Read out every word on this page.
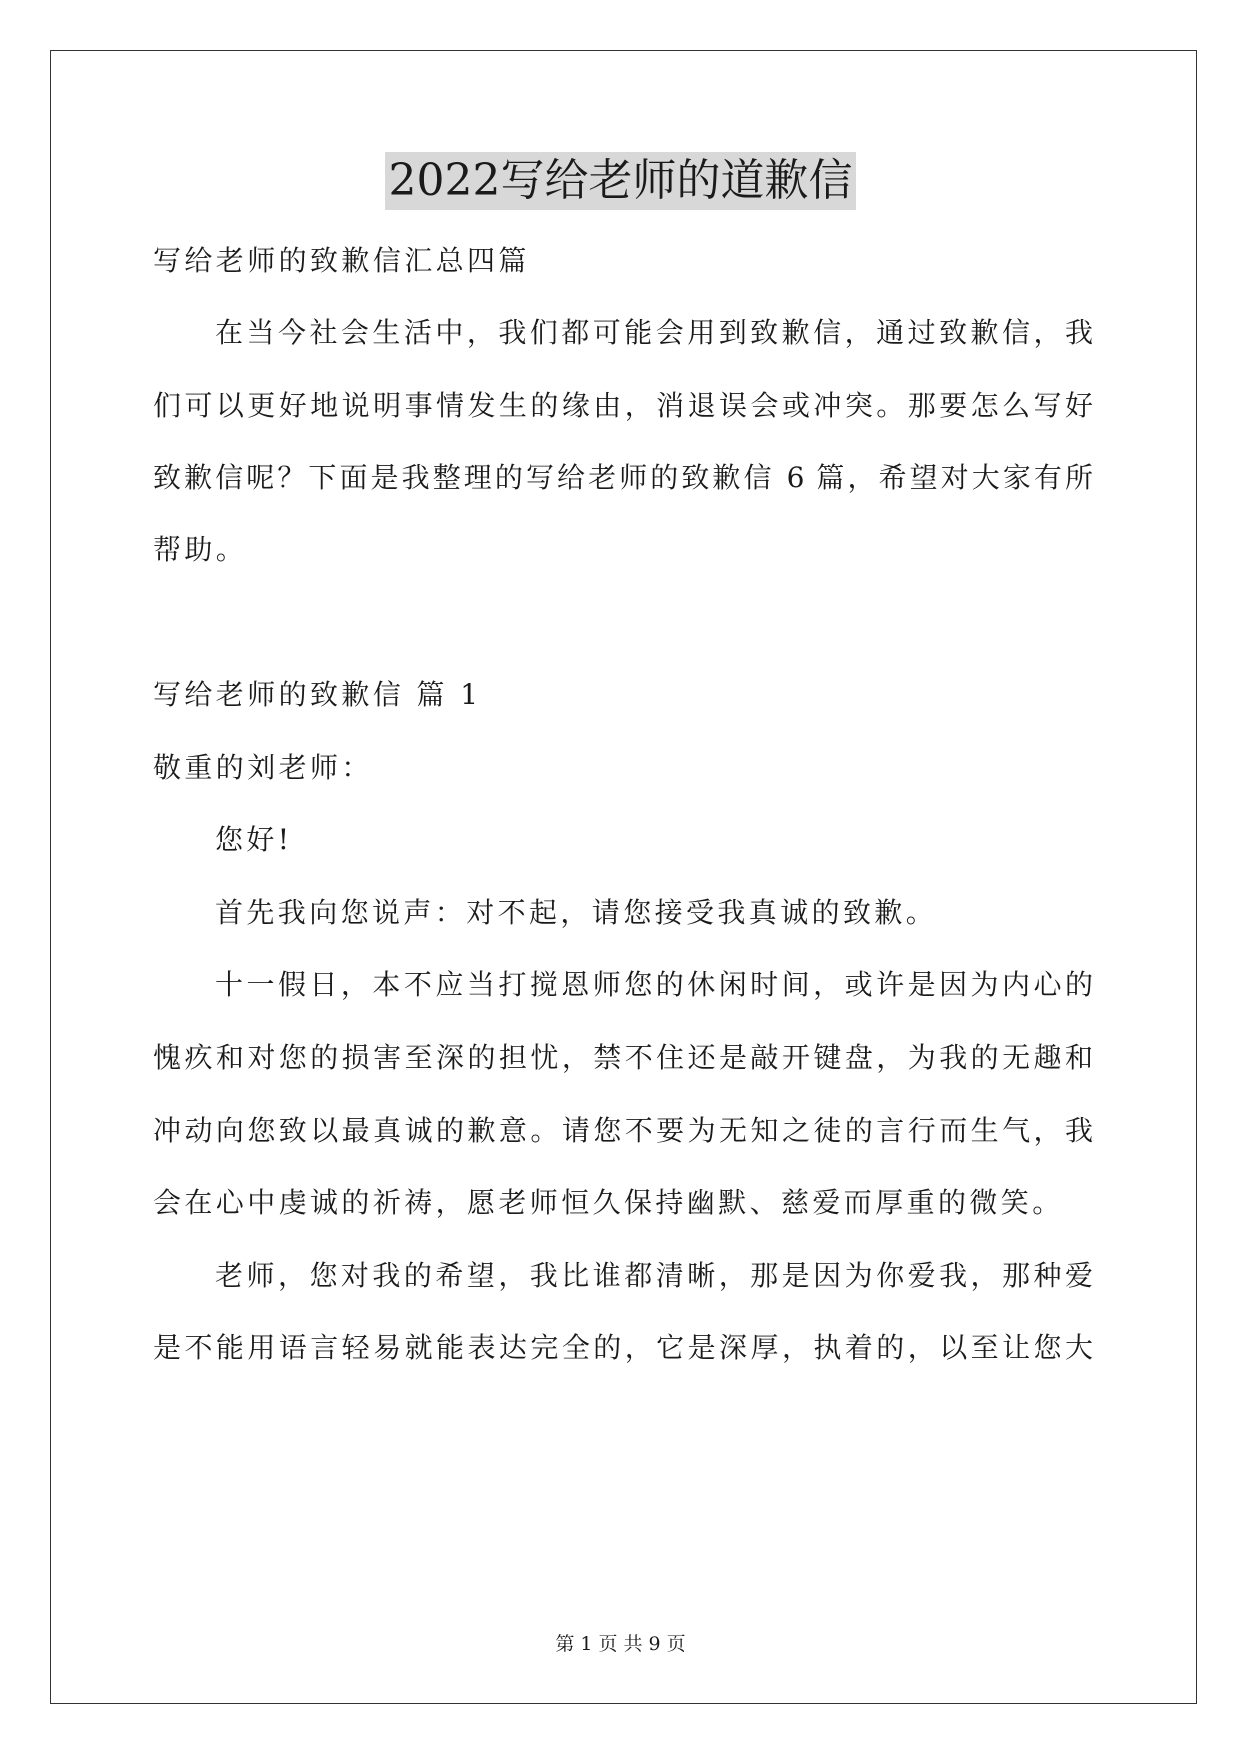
2022写给老师的道歉信

写给老师的致歉信汇总四篇

在当今社会生活中，我们都可能会用到致歉信，通过致歉信，我

们可以更好地说明事情发生的缘由，消退误会或冲突。那要怎么写好

致歉信呢？下面是我整理的写给老师的致歉信 6 篇，希望对大家有所

帮助。

写给老师的致歉信 篇 1

敬重的刘老师：

您好!

首先我向您说声：对不起，请您接受我真诚的致歉。

十一假日，本不应当打搅恩师您的休闲时间，或许是因为内心的

愧疚和对您的损害至深的担忧，禁不住还是敲开键盘，为我的无趣和

冲动向您致以最真诚的歉意。请您不要为无知之徒的言行而生气，我

会在心中虔诚的祈祷，愿老师恒久保持幽默、慈爱而厚重的微笑。

老师，您对我的希望，我比谁都清晰，那是因为你爱我，那种爱

是不能用语言轻易就能表达完全的，它是深厚，执着的，以至让您大

第 1 页 共 9 页
